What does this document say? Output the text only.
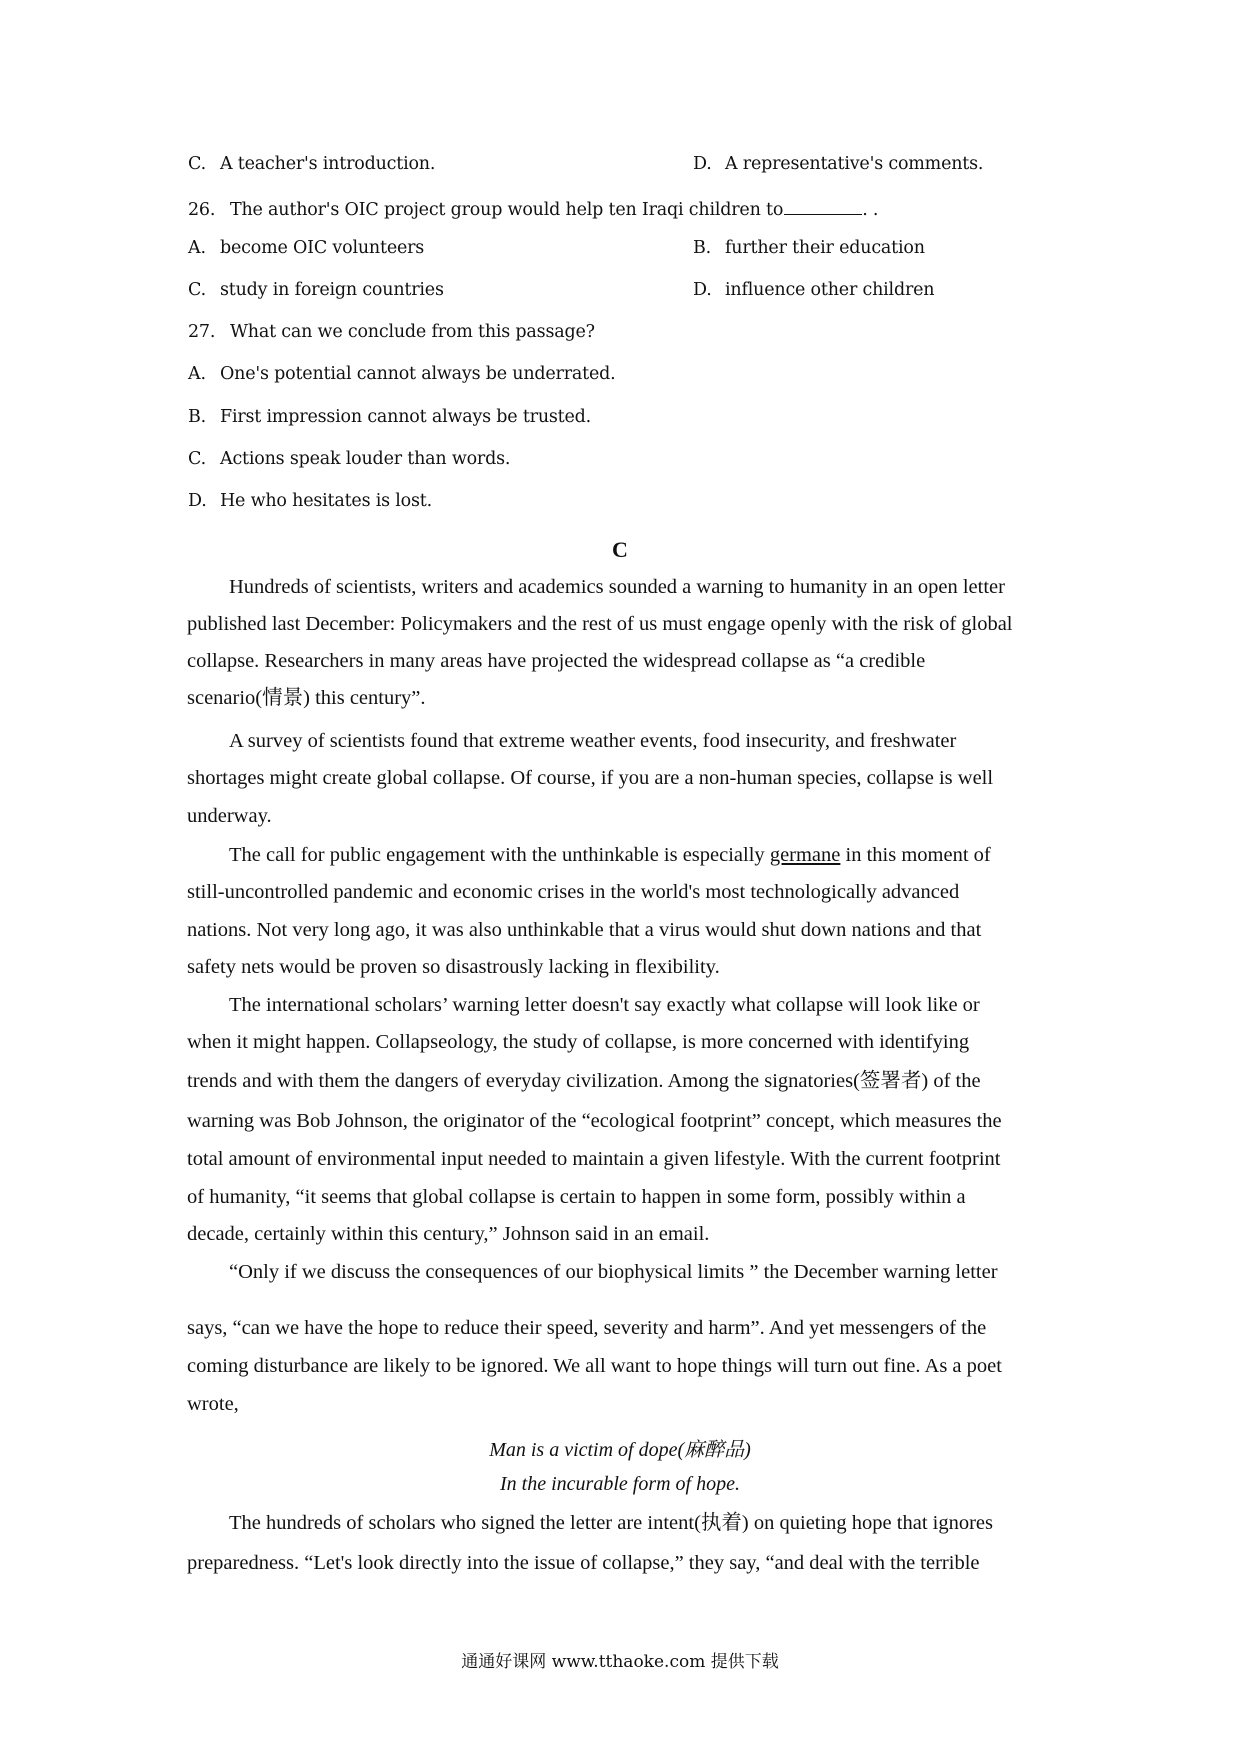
C. A teacher's introduction.	D. A representative's comments.
26. The author's OIC project group would help ten Iraqi children to	. .
A. become OIC volunteers	B. further their education
C. study in foreign countries	D. influence other children
27. What can we conclude from this passage?
A. One's potential cannot always be underrated.
B. First impression cannot always be trusted.
C. Actions speak louder than words.
D. He who hesitates is lost.
C
Hundreds of scientists, writers and academics sounded a warning to humanity in an open letter
published last December: Policymakers and the rest of us must engage openly with the risk of global
collapse. Researchers in many areas have projected the widespread collapse as “a credible
scenario(情景) this century”.
A survey of scientists found that extreme weather events, food insecurity, and freshwater
shortages might create global collapse. Of course, if you are a non-human species, collapse is well
underway.
The call for public engagement with the unthinkable is especially germane in this moment of
still-uncontrolled pandemic and economic crises in the world's most technologically advanced
nations. Not very long ago, it was also unthinkable that a virus would shut down nations and that
safety nets would be proven so disastrously lacking in flexibility.
The international scholars’ warning letter doesn't say exactly what collapse will look like or
when it might happen. Collapseology, the study of collapse, is more concerned with identifying
trends and with them the dangers of everyday civilization. Among the signatories(签署者) of the
warning was Bob Johnson, the originator of the “ecological footprint” concept, which measures the
total amount of environmental input needed to maintain a given lifestyle. With the current footprint
of humanity, “it seems that global collapse is certain to happen in some form, possibly within a
decade, certainly within this century,” Johnson said in an email.
“Only if we discuss the consequences of our biophysical limits ” the December warning letter
says, “can we have the hope to reduce their speed, severity and harm”. And yet messengers of the
coming disturbance are likely to be ignored. We all want to hope things will turn out fine. As a poet
wrote,
Man is a victim of dope(麻醉品)
In the incurable form of hope.
The hundreds of scholars who signed the letter are intent(执着) on quieting hope that ignores
preparedness. “Let's look directly into the issue of collapse,” they say, “and deal with the terrible
通通好课网 www.tthaoke.com 提供下载
